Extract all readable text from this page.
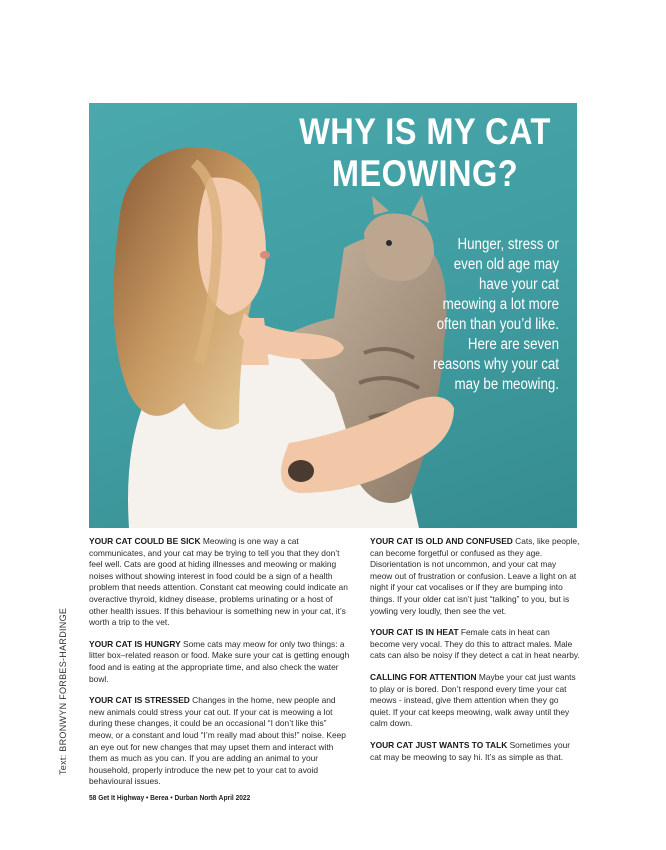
WHY IS MY CAT
MEOWING?
Hunger, stress or even old age may have your cat meowing a lot more often than you’d like. Here are seven reasons why your cat may be meowing.
Text: BRONWYN FORBES-HARDINGE

YOUR CAT COULD BE SICK Meowing is one way a cat communicates, and your cat may be trying to tell you that they don’t feel well. Cats are good at hiding illnesses and meowing or making noises without showing interest in food could be a sign of a health problem that needs attention. Constant cat meowing could indicate an overactive thyroid, kidney disease, problems urinating or a host of other health issues. If this behaviour is something new in your cat, it’s worth a trip to the vet.

YOUR CAT IS HUNGRY Some cats may meow for only two things: a litter box–related reason or food. Make sure your cat is getting enough food and is eating at the appropriate time, and also check the water bowl.

YOUR CAT IS STRESSED Changes in the home, new people and new animals could stress your cat out. If your cat is meowing a lot during these changes, it could be an occasional “I don’t like this” meow, or a constant and loud “I’m really mad about this!” noise. Keep an eye out for new changes that may upset them and interact with them as much as you can. If you are adding an animal to your household, properly introduce the new pet to your cat to avoid behavioural issues.

YOUR CAT IS OLD AND CONFUSED Cats, like people, can become forgetful or confused as they age. Disorientation is not uncommon, and your cat may meow out of frustration or confusion. Leave a light on at night if your cat vocalises or if they are bumping into things. If your older cat isn’t just “talking” to you, but is yowling very loudly, then see the vet.

YOUR CAT IS IN HEAT Female cats in heat can become very vocal. They do this to attract males. Male cats can also be noisy if they detect a cat in heat nearby.

CALLING FOR ATTENTION Maybe your cat just wants to play or is bored. Don’t respond every time your cat meows - instead, give them attention when they go quiet. If your cat keeps meowing, walk away until they calm down.

YOUR CAT JUST WANTS TO TALK Sometimes your cat may be meowing to say hi. It’s as simple as that.

58 Get It Highway • Berea • Durban North April 2022
